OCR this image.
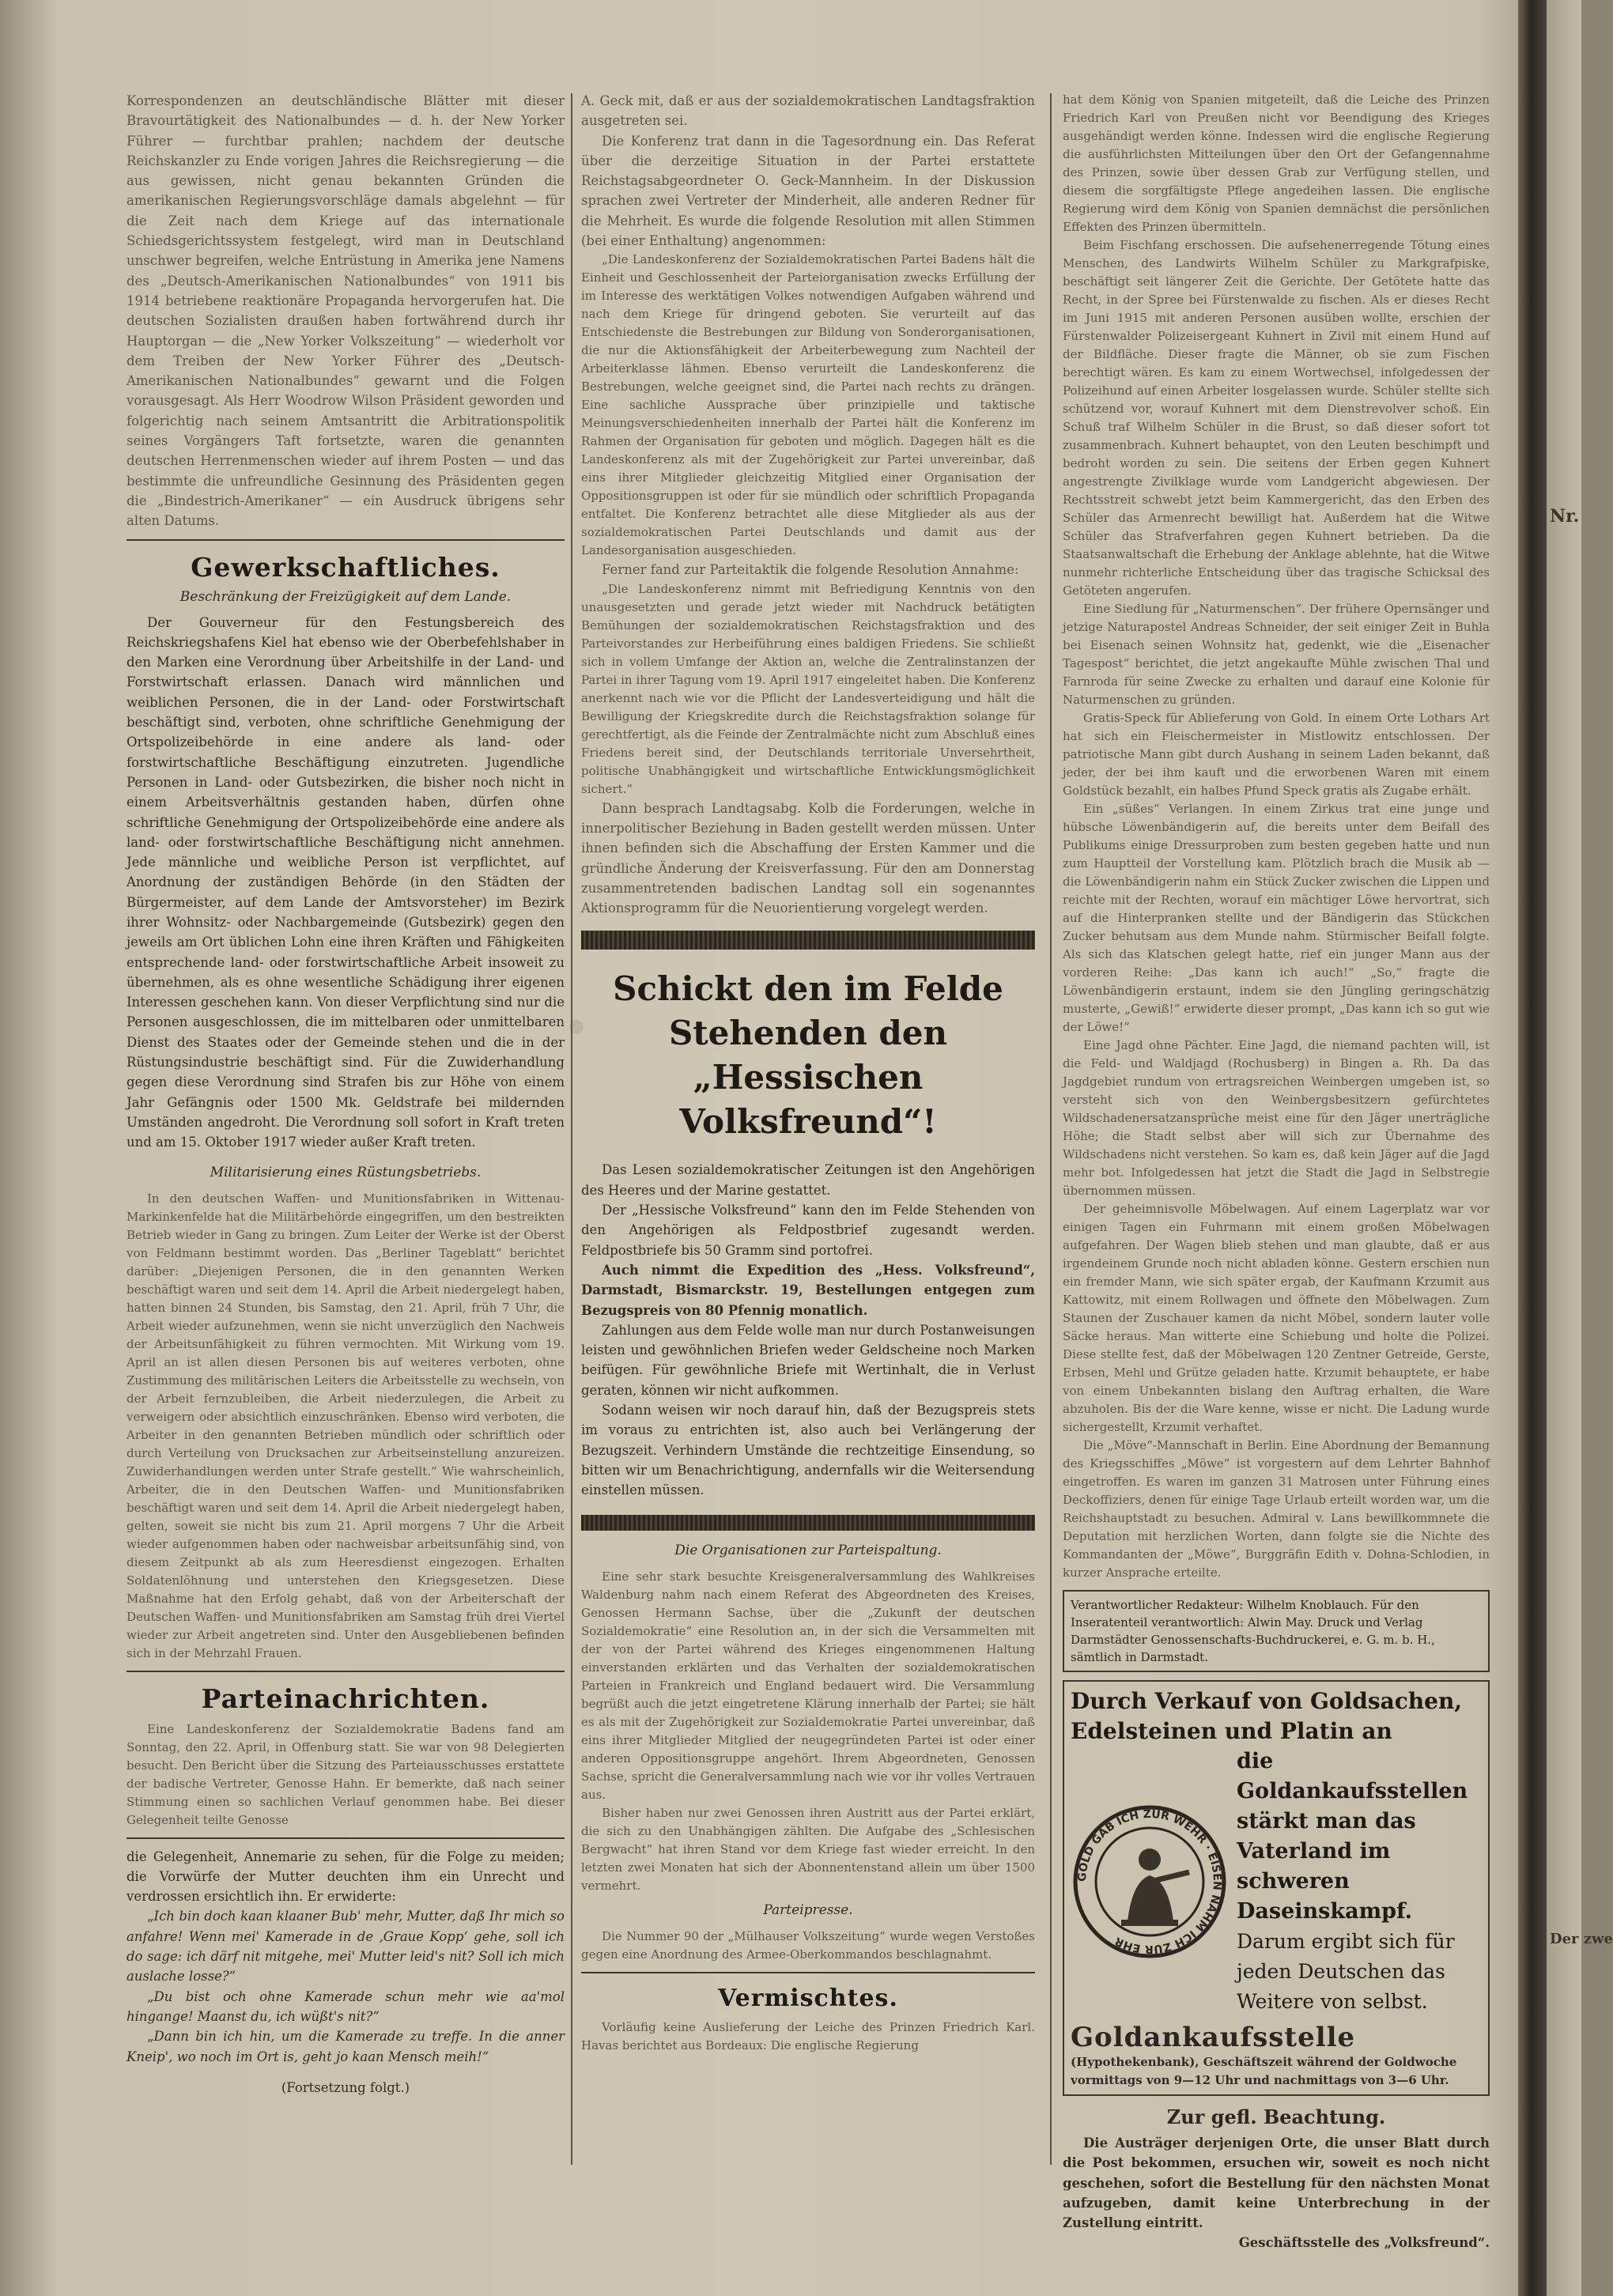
Korrespondenzen an deutschländische Blätter mit dieser Bravourtätigkeit des Nationalbundes — d. h. der New Yorker Führer — furchtbar prahlen; nachdem der deutsche Reichskanzler zu Ende vorigen Jahres die Reichsregierung — die aus gewissen, nicht genau bekannten Gründen die amerikanischen Regierungsvorschläge damals abgelehnt — für die Zeit nach dem Kriege auf das internationale Schiedsgerichtssystem festgelegt, wird man in Deutschland unschwer begreifen, welche Entrüstung in Amerika jene Namens des „Deutsch-Amerikanischen Nationalbundes“ von 1911 bis 1914 betriebene reaktionäre Propaganda hervorgerufen hat. Die deutschen Sozialisten draußen haben fortwährend durch ihr Hauptorgan — die „New Yorker Volkszeitung“ — wiederholt vor dem Treiben der New Yorker Führer des „Deutsch-Amerikanischen Nationalbundes“ gewarnt und die Folgen vorausgesagt. Als Herr Woodrow Wilson Präsident geworden und folgerichtig nach seinem Amtsantritt die Arbitrationspolitik seines Vorgängers Taft fortsetzte, waren die genannten deutschen Herrenmenschen wieder auf ihrem Posten — und das bestimmte die unfreundliche Gesinnung des Präsidenten gegen die „Bindestrich-Amerikaner“ — ein Ausdruck übrigens sehr alten Datums.

Gewerkschaftliches.
Beschränkung der Freizügigkeit auf dem Lande.

Der Gouverneur für den Festungsbereich des Reichskriegshafens Kiel hat ebenso wie der Oberbefehlshaber in den Marken eine Verordnung über Arbeitshilfe in der Land- und Forstwirtschaft erlassen. Danach wird männlichen und weiblichen Personen, die in der Land- oder Forstwirtschaft beschäftigt sind, verboten, ohne schriftliche Genehmigung der Ortspolizeibehörde in eine andere als land- oder forstwirtschaftliche Beschäftigung einzutreten. Jugendliche Personen in Land- oder Gutsbezirken, die bisher noch nicht in einem Arbeitsverhältnis gestanden haben, dürfen ohne schriftliche Genehmigung der Ortspolizeibehörde eine andere als land- oder forstwirtschaftliche Beschäftigung nicht annehmen. Jede männliche und weibliche Person ist verpflichtet, auf Anordnung der zuständigen Behörde (in den Städten der Bürgermeister, auf dem Lande der Amtsvorsteher) im Bezirk ihrer Wohnsitz- oder Nachbargemeinde (Gutsbezirk) gegen den jeweils am Ort üblichen Lohn eine ihren Kräften und Fähigkeiten entsprechende land- oder forstwirtschaftliche Arbeit insoweit zu übernehmen, als es ohne wesentliche Schädigung ihrer eigenen Interessen geschehen kann. Von dieser Verpflichtung sind nur die Personen ausgeschlossen, die im mittelbaren oder unmittelbaren Dienst des Staates oder der Gemeinde stehen und die in der Rüstungsindustrie beschäftigt sind. Für die Zuwiderhandlung gegen diese Verordnung sind Strafen bis zur Höhe von einem Jahr Gefängnis oder 1500 Mk. Geldstrafe bei mildernden Umständen angedroht. Die Verordnung soll sofort in Kraft treten und am 15. Oktober 1917 wieder außer Kraft treten.

Militarisierung eines Rüstungsbetriebs.

In den deutschen Waffen- und Munitionsfabriken in Wittenau-Markinkenfelde hat die Militärbehörde eingegriffen, um den bestreikten Betrieb wieder in Gang zu bringen. Zum Leiter der Werke ist der Oberst von Feldmann bestimmt worden. Das „Berliner Tageblatt“ berichtet darüber: „Diejenigen Personen, die in den genannten Werken beschäftigt waren und seit dem 14. April die Arbeit niedergelegt haben, hatten binnen 24 Stunden, bis Samstag, den 21. April, früh 7 Uhr, die Arbeit wieder aufzunehmen, wenn sie nicht unverzüglich den Nachweis der Arbeitsunfähigkeit zu führen vermochten. Mit Wirkung vom 19. April an ist allen diesen Personen bis auf weiteres verboten, ohne Zustimmung des militärischen Leiters die Arbeitsstelle zu wechseln, von der Arbeit fernzubleiben, die Arbeit niederzulegen, die Arbeit zu verweigern oder absichtlich einzuschränken. Ebenso wird verboten, die Arbeiter in den genannten Betrieben mündlich oder schriftlich oder durch Verteilung von Drucksachen zur Arbeitseinstellung anzureizen. Zuwiderhandlungen werden unter Strafe gestellt.“ Wie wahrscheinlich, Arbeiter, die in den Deutschen Waffen- und Munitionsfabriken beschäftigt waren und seit dem 14. April die Arbeit niedergelegt haben, gelten, soweit sie nicht bis zum 21. April morgens 7 Uhr die Arbeit wieder aufgenommen haben oder nachweisbar arbeitsunfähig sind, von diesem Zeitpunkt ab als zum Heeresdienst eingezogen. Erhalten Soldatenlöhnung und unterstehen den Kriegsgesetzen. Diese Maßnahme hat den Erfolg gehabt, daß von der Arbeiterschaft der Deutschen Waffen- und Munitionsfabriken am Samstag früh drei Viertel wieder zur Arbeit angetreten sind. Unter den Ausgebliebenen befinden sich in der Mehrzahl Frauen.

Parteinachrichten.

Eine Landeskonferenz der Sozialdemokratie Badens fand am Sonntag, den 22. April, in Offenburg statt. Sie war von 98 Delegierten besucht. Den Bericht über die Sitzung des Parteiausschusses erstattete der badische Vertreter, Genosse Hahn. Er bemerkte, daß nach seiner Stimmung einen so sachlichen Verlauf genommen habe. Bei dieser Gelegenheit teilte Genosse

die Gelegenheit, Annemarie zu sehen, für die Folge zu meiden; die Vorwürfe der Mutter deuchten ihm ein Unrecht und verdrossen ersichtlich ihn. Er erwiderte:

„Ich bin doch kaan klaaner Bub' mehr, Mutter, daß Ihr mich so anfahre! Wenn mei' Kamerade in de ‚Graue Kopp‘ gehe, soll ich do sage: ich därf nit mitgehe, mei' Mutter leid's nit? Soll ich mich auslache losse?“

„Du bist och ohne Kamerade schun mehr wie aa'mol hingange! Maanst du, ich wüßt's nit?“

„Dann bin ich hin, um die Kamerade zu treffe. In die anner Kneip', wo noch im Ort is, geht jo kaan Mensch meih!“

(Fortsetzung folgt.)

A. Geck mit, daß er aus der sozialdemokratischen Landtagsfraktion ausgetreten sei.

Die Konferenz trat dann in die Tagesordnung ein. Das Referat über die derzeitige Situation in der Partei erstattete Reichstagsabgeordneter O. Geck-Mannheim. In der Diskussion sprachen zwei Vertreter der Minderheit, alle anderen Redner für die Mehrheit. Es wurde die folgende Resolution mit allen Stimmen (bei einer Enthaltung) angenommen:

„Die Landeskonferenz der Sozialdemokratischen Partei Badens hält die Einheit und Geschlossenheit der Parteiorganisation zwecks Erfüllung der im Interesse des werktätigen Volkes notwendigen Aufgaben während und nach dem Kriege für dringend geboten. Sie verurteilt auf das Entschiedenste die Bestrebungen zur Bildung von Sonderorganisationen, die nur die Aktionsfähigkeit der Arbeiterbewegung zum Nachteil der Arbeiterklasse lähmen. Ebenso verurteilt die Landeskonferenz die Bestrebungen, welche geeignet sind, die Partei nach rechts zu drängen. Eine sachliche Aussprache über prinzipielle und taktische Meinungsverschiedenheiten innerhalb der Partei hält die Konferenz im Rahmen der Organisation für geboten und möglich. Dagegen hält es die Landeskonferenz als mit der Zugehörigkeit zur Partei unvereinbar, daß eins ihrer Mitglieder gleichzeitig Mitglied einer Organisation der Oppositionsgruppen ist oder für sie mündlich oder schriftlich Propaganda entfaltet. Die Konferenz betrachtet alle diese Mitglieder als aus der sozialdemokratischen Partei Deutschlands und damit aus der Landesorganisation ausgeschieden.

Ferner fand zur Parteitaktik die folgende Resolution Annahme:

„Die Landeskonferenz nimmt mit Befriedigung Kenntnis von den unausgesetzten und gerade jetzt wieder mit Nachdruck betätigten Bemühungen der sozialdemokratischen Reichstagsfraktion und des Parteivorstandes zur Herbeiführung eines baldigen Friedens. Sie schließt sich in vollem Umfange der Aktion an, welche die Zentralinstanzen der Partei in ihrer Tagung vom 19. April 1917 eingeleitet haben. Die Konferenz anerkennt nach wie vor die Pflicht der Landesverteidigung und hält die Bewilligung der Kriegskredite durch die Reichstagsfraktion solange für gerechtfertigt, als die Feinde der Zentralmächte nicht zum Abschluß eines Friedens bereit sind, der Deutschlands territoriale Unversehrtheit, politische Unabhängigkeit und wirtschaftliche Entwicklungsmöglichkeit sichert.“

Dann besprach Landtagsabg. Kolb die Forderungen, welche in innerpolitischer Beziehung in Baden gestellt werden müssen. Unter ihnen befinden sich die Abschaffung der Ersten Kammer und die gründliche Änderung der Kreisverfassung. Für den am Donnerstag zusammentretenden badischen Landtag soll ein sogenanntes Aktionsprogramm für die Neuorientierung vorgelegt werden.

Schickt den im Felde Stehenden den „Hessischen Volksfreund“!

Das Lesen sozialdemokratischer Zeitungen ist den Angehörigen des Heeres und der Marine gestattet.

Der „Hessische Volksfreund“ kann den im Felde Stehenden von den Angehörigen als Feldpostbrief zugesandt werden. Feldpostbriefe bis 50 Gramm sind portofrei.

Auch nimmt die Expedition des „Hess. Volksfreund“, Darmstadt, Bismarckstr. 19, Bestellungen entgegen zum Bezugspreis von 80 Pfennig monatlich.

Zahlungen aus dem Felde wolle man nur durch Postanweisungen leisten und gewöhnlichen Briefen weder Geldscheine noch Marken beifügen. Für gewöhnliche Briefe mit Wertinhalt, die in Verlust geraten, können wir nicht aufkommen.

Sodann weisen wir noch darauf hin, daß der Bezugspreis stets im voraus zu entrichten ist, also auch bei Verlängerung der Bezugszeit. Verhindern Umstände die rechtzeitige Einsendung, so bitten wir um Benachrichtigung, andernfalls wir die Weitersendung einstellen müssen.

Die Organisationen zur Parteispaltung.

Eine sehr stark besuchte Kreisgeneralversammlung des Wahlkreises Waldenburg nahm nach einem Referat des Abgeordneten des Kreises, Genossen Hermann Sachse, über die „Zukunft der deutschen Sozialdemokratie“ eine Resolution an, in der sich die Versammelten mit der von der Partei während des Krieges eingenommenen Haltung einverstanden erklärten und das Verhalten der sozialdemokratischen Parteien in Frankreich und England bedauert wird. Die Versammlung begrüßt auch die jetzt eingetretene Klärung innerhalb der Partei; sie hält es als mit der Zugehörigkeit zur Sozialdemokratie Partei unvereinbar, daß eins ihrer Mitglieder Mitglied der neugegründeten Partei ist oder einer anderen Oppositionsgruppe angehört. Ihrem Abgeordneten, Genossen Sachse, spricht die Generalversammlung nach wie vor ihr volles Vertrauen aus.

Bisher haben nur zwei Genossen ihren Austritt aus der Partei erklärt, die sich zu den Unabhängigen zählten. Die Aufgabe des „Schlesischen Bergwacht“ hat ihren Stand vor dem Kriege fast wieder erreicht. In den letzten zwei Monaten hat sich der Abonnentenstand allein um über 1500 vermehrt.

Parteipresse.

Die Nummer 90 der „Mülhauser Volkszeitung“ wurde wegen Verstoßes gegen eine Anordnung des Armee-Oberkommandos beschlagnahmt.

Vermischtes.

Vorläufig keine Auslieferung der Leiche des Prinzen Friedrich Karl. Havas berichtet aus Bordeaux: Die englische Regierung

hat dem König von Spanien mitgeteilt, daß die Leiche des Prinzen Friedrich Karl von Preußen nicht vor Beendigung des Krieges ausgehändigt werden könne. Indessen wird die englische Regierung die ausführlichsten Mitteilungen über den Ort der Gefangennahme des Prinzen, sowie über dessen Grab zur Verfügung stellen, und diesem die sorgfältigste Pflege angedeihen lassen. Die englische Regierung wird dem König von Spanien demnächst die persönlichen Effekten des Prinzen übermitteln.

Beim Fischfang erschossen. Die aufsehenerregende Tötung eines Menschen, des Landwirts Wilhelm Schüler zu Markgrafpiske, beschäftigt seit längerer Zeit die Gerichte. Der Getötete hatte das Recht, in der Spree bei Fürstenwalde zu fischen. Als er dieses Recht im Juni 1915 mit anderen Personen ausüben wollte, erschien der Fürstenwalder Polizeisergeant Kuhnert in Zivil mit einem Hund auf der Bildfläche. Dieser fragte die Männer, ob sie zum Fischen berechtigt wären. Es kam zu einem Wortwechsel, infolgedessen der Polizeihund auf einen Arbeiter losgelassen wurde. Schüler stellte sich schützend vor, worauf Kuhnert mit dem Dienstrevolver schoß. Ein Schuß traf Wilhelm Schüler in die Brust, so daß dieser sofort tot zusammenbrach. Kuhnert behauptet, von den Leuten beschimpft und bedroht worden zu sein. Die seitens der Erben gegen Kuhnert angestrengte Zivilklage wurde vom Landgericht abgewiesen. Der Rechtsstreit schwebt jetzt beim Kammergericht, das den Erben des Schüler das Armenrecht bewilligt hat. Außerdem hat die Witwe Schüler das Strafverfahren gegen Kuhnert betrieben. Da die Staatsanwaltschaft die Erhebung der Anklage ablehnte, hat die Witwe nunmehr richterliche Entscheidung über das tragische Schicksal des Getöteten angerufen.

Eine Siedlung für „Naturmenschen“. Der frühere Opernsänger und jetzige Naturapostel Andreas Schneider, der seit einiger Zeit in Buhla bei Eisenach seinen Wohnsitz hat, gedenkt, wie die „Eisenacher Tagespost“ berichtet, die jetzt angekaufte Mühle zwischen Thal und Farnroda für seine Zwecke zu erhalten und darauf eine Kolonie für Naturmenschen zu gründen.

Gratis-Speck für Ablieferung von Gold. In einem Orte Lothars Art hat sich ein Fleischermeister in Mistlowitz entschlossen. Der patriotische Mann gibt durch Aushang in seinem Laden bekannt, daß jeder, der bei ihm kauft und die erworbenen Waren mit einem Goldstück bezahlt, ein halbes Pfund Speck gratis als Zugabe erhält.

Ein „süßes“ Verlangen. In einem Zirkus trat eine junge und hübsche Löwenbändigerin auf, die bereits unter dem Beifall des Publikums einige Dressurproben zum besten gegeben hatte und nun zum Hauptteil der Vorstellung kam. Plötzlich brach die Musik ab — die Löwenbändigerin nahm ein Stück Zucker zwischen die Lippen und reichte mit der Rechten, worauf ein mächtiger Löwe hervortrat, sich auf die Hinterpranken stellte und der Bändigerin das Stückchen Zucker behutsam aus dem Munde nahm. Stürmischer Beifall folgte. Als sich das Klatschen gelegt hatte, rief ein junger Mann aus der vorderen Reihe: „Das kann ich auch!“ „So,“ fragte die Löwenbändigerin erstaunt, indem sie den Jüngling geringschätzig musterte, „Gewiß!“ erwiderte dieser prompt, „Das kann ich so gut wie der Löwe!“

Eine Jagd ohne Pächter. Eine Jagd, die niemand pachten will, ist die Feld- und Waldjagd (Rochusberg) in Bingen a. Rh. Da das Jagdgebiet rundum von ertragsreichen Weinbergen umgeben ist, so versteht sich von den Weinbergsbesitzern gefürchtetes Wildschadenersatzansprüche meist eine für den Jäger unerträgliche Höhe; die Stadt selbst aber will sich zur Übernahme des Wildschadens nicht verstehen. So kam es, daß kein Jäger auf die Jagd mehr bot. Infolgedessen hat jetzt die Stadt die Jagd in Selbstregie übernommen müssen.

Der geheimnisvolle Möbelwagen. Auf einem Lagerplatz war vor einigen Tagen ein Fuhrmann mit einem großen Möbelwagen aufgefahren. Der Wagen blieb stehen und man glaubte, daß er aus irgendeinem Grunde noch nicht abladen könne. Gestern erschien nun ein fremder Mann, wie sich später ergab, der Kaufmann Krzumit aus Kattowitz, mit einem Rollwagen und öffnete den Möbelwagen. Zum Staunen der Zuschauer kamen da nicht Möbel, sondern lauter volle Säcke heraus. Man witterte eine Schiebung und holte die Polizei. Diese stellte fest, daß der Möbelwagen 120 Zentner Getreide, Gerste, Erbsen, Mehl und Grütze geladen hatte. Krzumit behauptete, er habe von einem Unbekannten bislang den Auftrag erhalten, die Ware abzuholen. Bis der die Ware kenne, wisse er nicht. Die Ladung wurde sichergestellt, Krzumit verhaftet.

Die „Möve“-Mannschaft in Berlin. Eine Abordnung der Bemannung des Kriegsschiffes „Möwe“ ist vorgestern auf dem Lehrter Bahnhof eingetroffen. Es waren im ganzen 31 Matrosen unter Führung eines Deckoffiziers, denen für einige Tage Urlaub erteilt worden war, um die Reichshauptstadt zu besuchen. Admiral v. Lans bewillkommnete die Deputation mit herzlichen Worten, dann folgte sie die Nichte des Kommandanten der „Möwe“, Burggräfin Edith v. Dohna-Schlodien, in kurzer Ansprache erteilte.

Verantwortlicher Redakteur: Wilhelm Knoblauch. Für den Inseratenteil verantwortlich: Alwin May. Druck und Verlag Darmstädter Genossenschafts-Buchdruckerei, e. G. m. b. H., sämtlich in Darmstadt.
Durch Verkauf von Goldsachen, Edelsteinen und Platin an
GOLD GAB ICH ZUR WEHR · EISEN NAHM ICH ZUR EHR
die Goldankaufsstellen stärkt man das Vaterland im schweren Daseinskampf.
Darum ergibt sich für jeden Deutschen das Weitere von selbst.
Goldankaufsstelle (Hypothekenbank), Geschäftszeit während der Goldwoche vormittags von 9—12 Uhr und nachmittags von 3—6 Uhr.
Zur gefl. Beachtung.

Die Austräger derjenigen Orte, die unser Blatt durch die Post bekommen, ersuchen wir, soweit es noch nicht geschehen, sofort die Bestellung für den nächsten Monat aufzugeben, damit keine Unterbrechung in der Zustellung eintritt.

Geschäftsstelle des „Volksfreund“.

Nr.
Der zwe
